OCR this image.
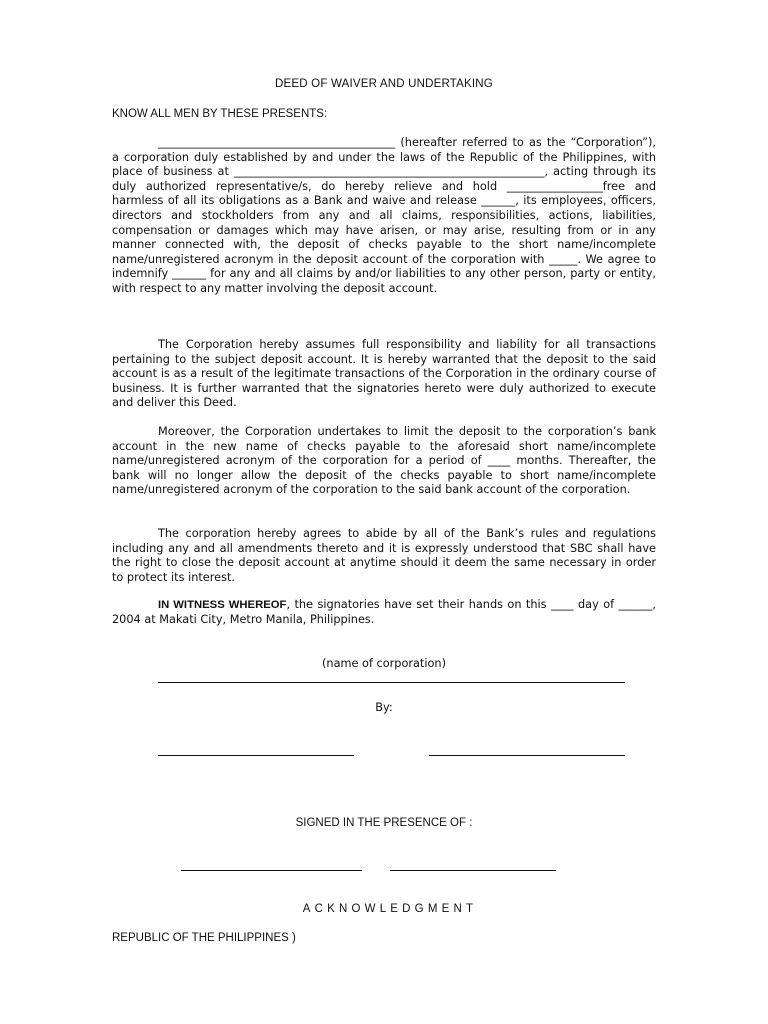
DEED OF WAIVER AND UNDERTAKING
KNOW ALL MEN BY THESE PRESENTS:

__________________________________________ (hereafter referred to as the “Corporation”), a corporation duly established by and under the laws of the Republic of the Philippines, with place of business at _______________________________________________________, acting through its duly authorized representative/s, do hereby relieve and hold _________________free and harmless of all its obligations as a Bank and waive and release ______, its employees, officers, directors and stockholders from any and all claims, responsibilities, actions, liabilities, compensation or damages which may have arisen, or may arise, resulting from or in any manner connected with, the deposit of checks payable to the short name/incomplete name/unregistered acronym in the deposit account of the corporation with _____. We agree to indemnify ______ for any and all claims by and/or liabilities to any other person, party or entity, with respect to any matter involving the deposit account.

The Corporation hereby assumes full responsibility and liability for all transactions pertaining to the subject deposit account. It is hereby warranted that the deposit to the said account is as a result of the legitimate transactions of the Corporation in the ordinary course of business. It is further warranted that the signatories hereto were duly authorized to execute and deliver this Deed.

Moreover, the Corporation undertakes to limit the deposit to the corporation’s bank account in the new name of checks payable to the aforesaid short name/incomplete name/unregistered acronym of the corporation for a period of ____ months. Thereafter, the bank will no longer allow the deposit of the checks payable to short name/incomplete name/unregistered acronym of the corporation to the said bank account of the corporation.

The corporation hereby agrees to abide by all of the Bank’s rules and regulations including any and all amendments thereto and it is expressly understood that SBC shall have the right to close the deposit account at anytime should it deem the same necessary in order to protect its interest.

IN WITNESS WHEREOF, the signatories have set their hands on this ____ day of ______, 2004 at Makati City, Metro Manila, Philippines.

(name of corporation)
By:
SIGNED IN THE PRESENCE OF :
ACKNOWLEDGMENT
REPUBLIC OF THE PHILIPPINES )
